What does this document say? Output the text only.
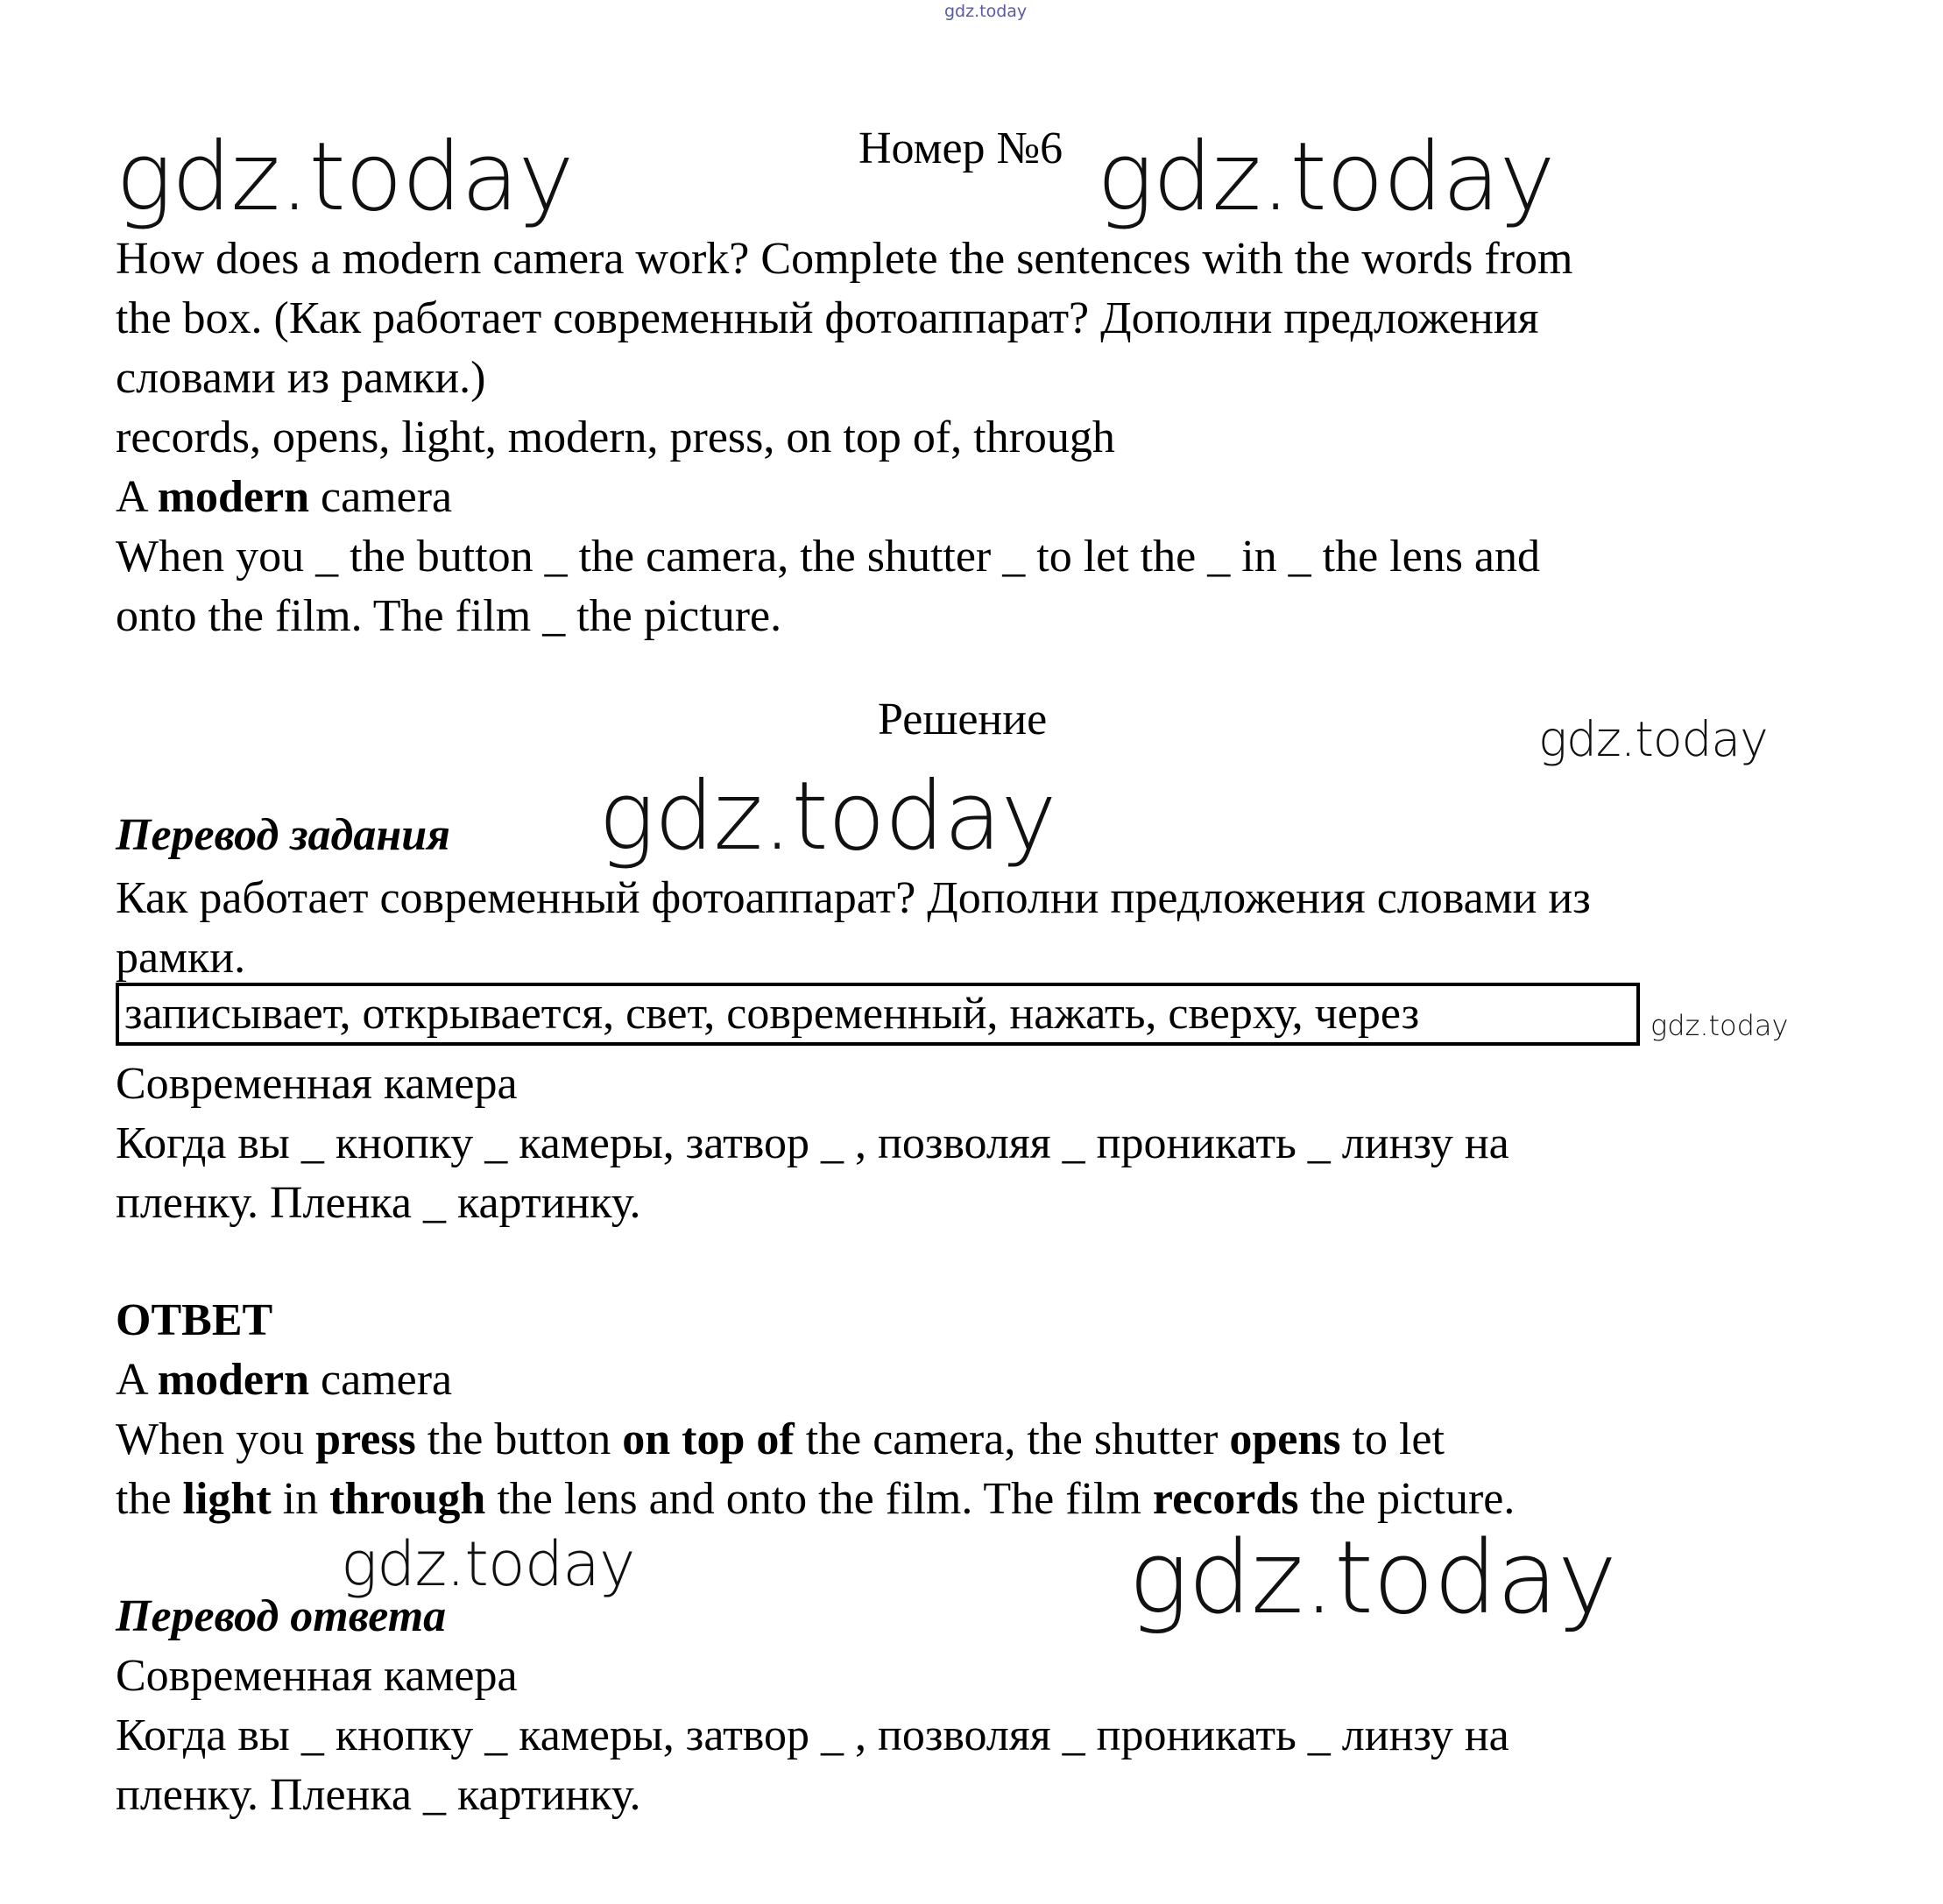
gdz.today
gdz.today	Номер №6 gdz.today
How does a modern camera work? Complete the sentences with the words from
the box. (Как работает современный фотоаппарат? Дополни предложения
словами из рамки.)
records, opens, light, modern, press, on top of, through
A modern camera
When you _ the button _ the camera, the shutter _ to let the _ in _ the lens and
onto the film. The film _ the picture.
Решение	gdz.today
Перевод задания gdz.today
Как работает современный фотоаппарат? Дополни предложения словами из
рамки.
записывает, открывается, свет, современный, нажать, сверху, через	gdz.today
Современная камера
Когда вы _ кнопку _ камеры, затвор _ , позволяя _ проникать _ линзу на
пленку. Пленка _ картинку.
ОТВЕТ
A modern camera
When you press the button on top of the camera, the shutter opens to let
the light in through the lens and onto the film. The film records the picture.
gdz.today	gdz.today
Перевод ответа
Современная камера
Когда вы _ кнопку _ камеры, затвор _ , позволяя _ проникать _ линзу на
пленку. Пленка _ картинку.
